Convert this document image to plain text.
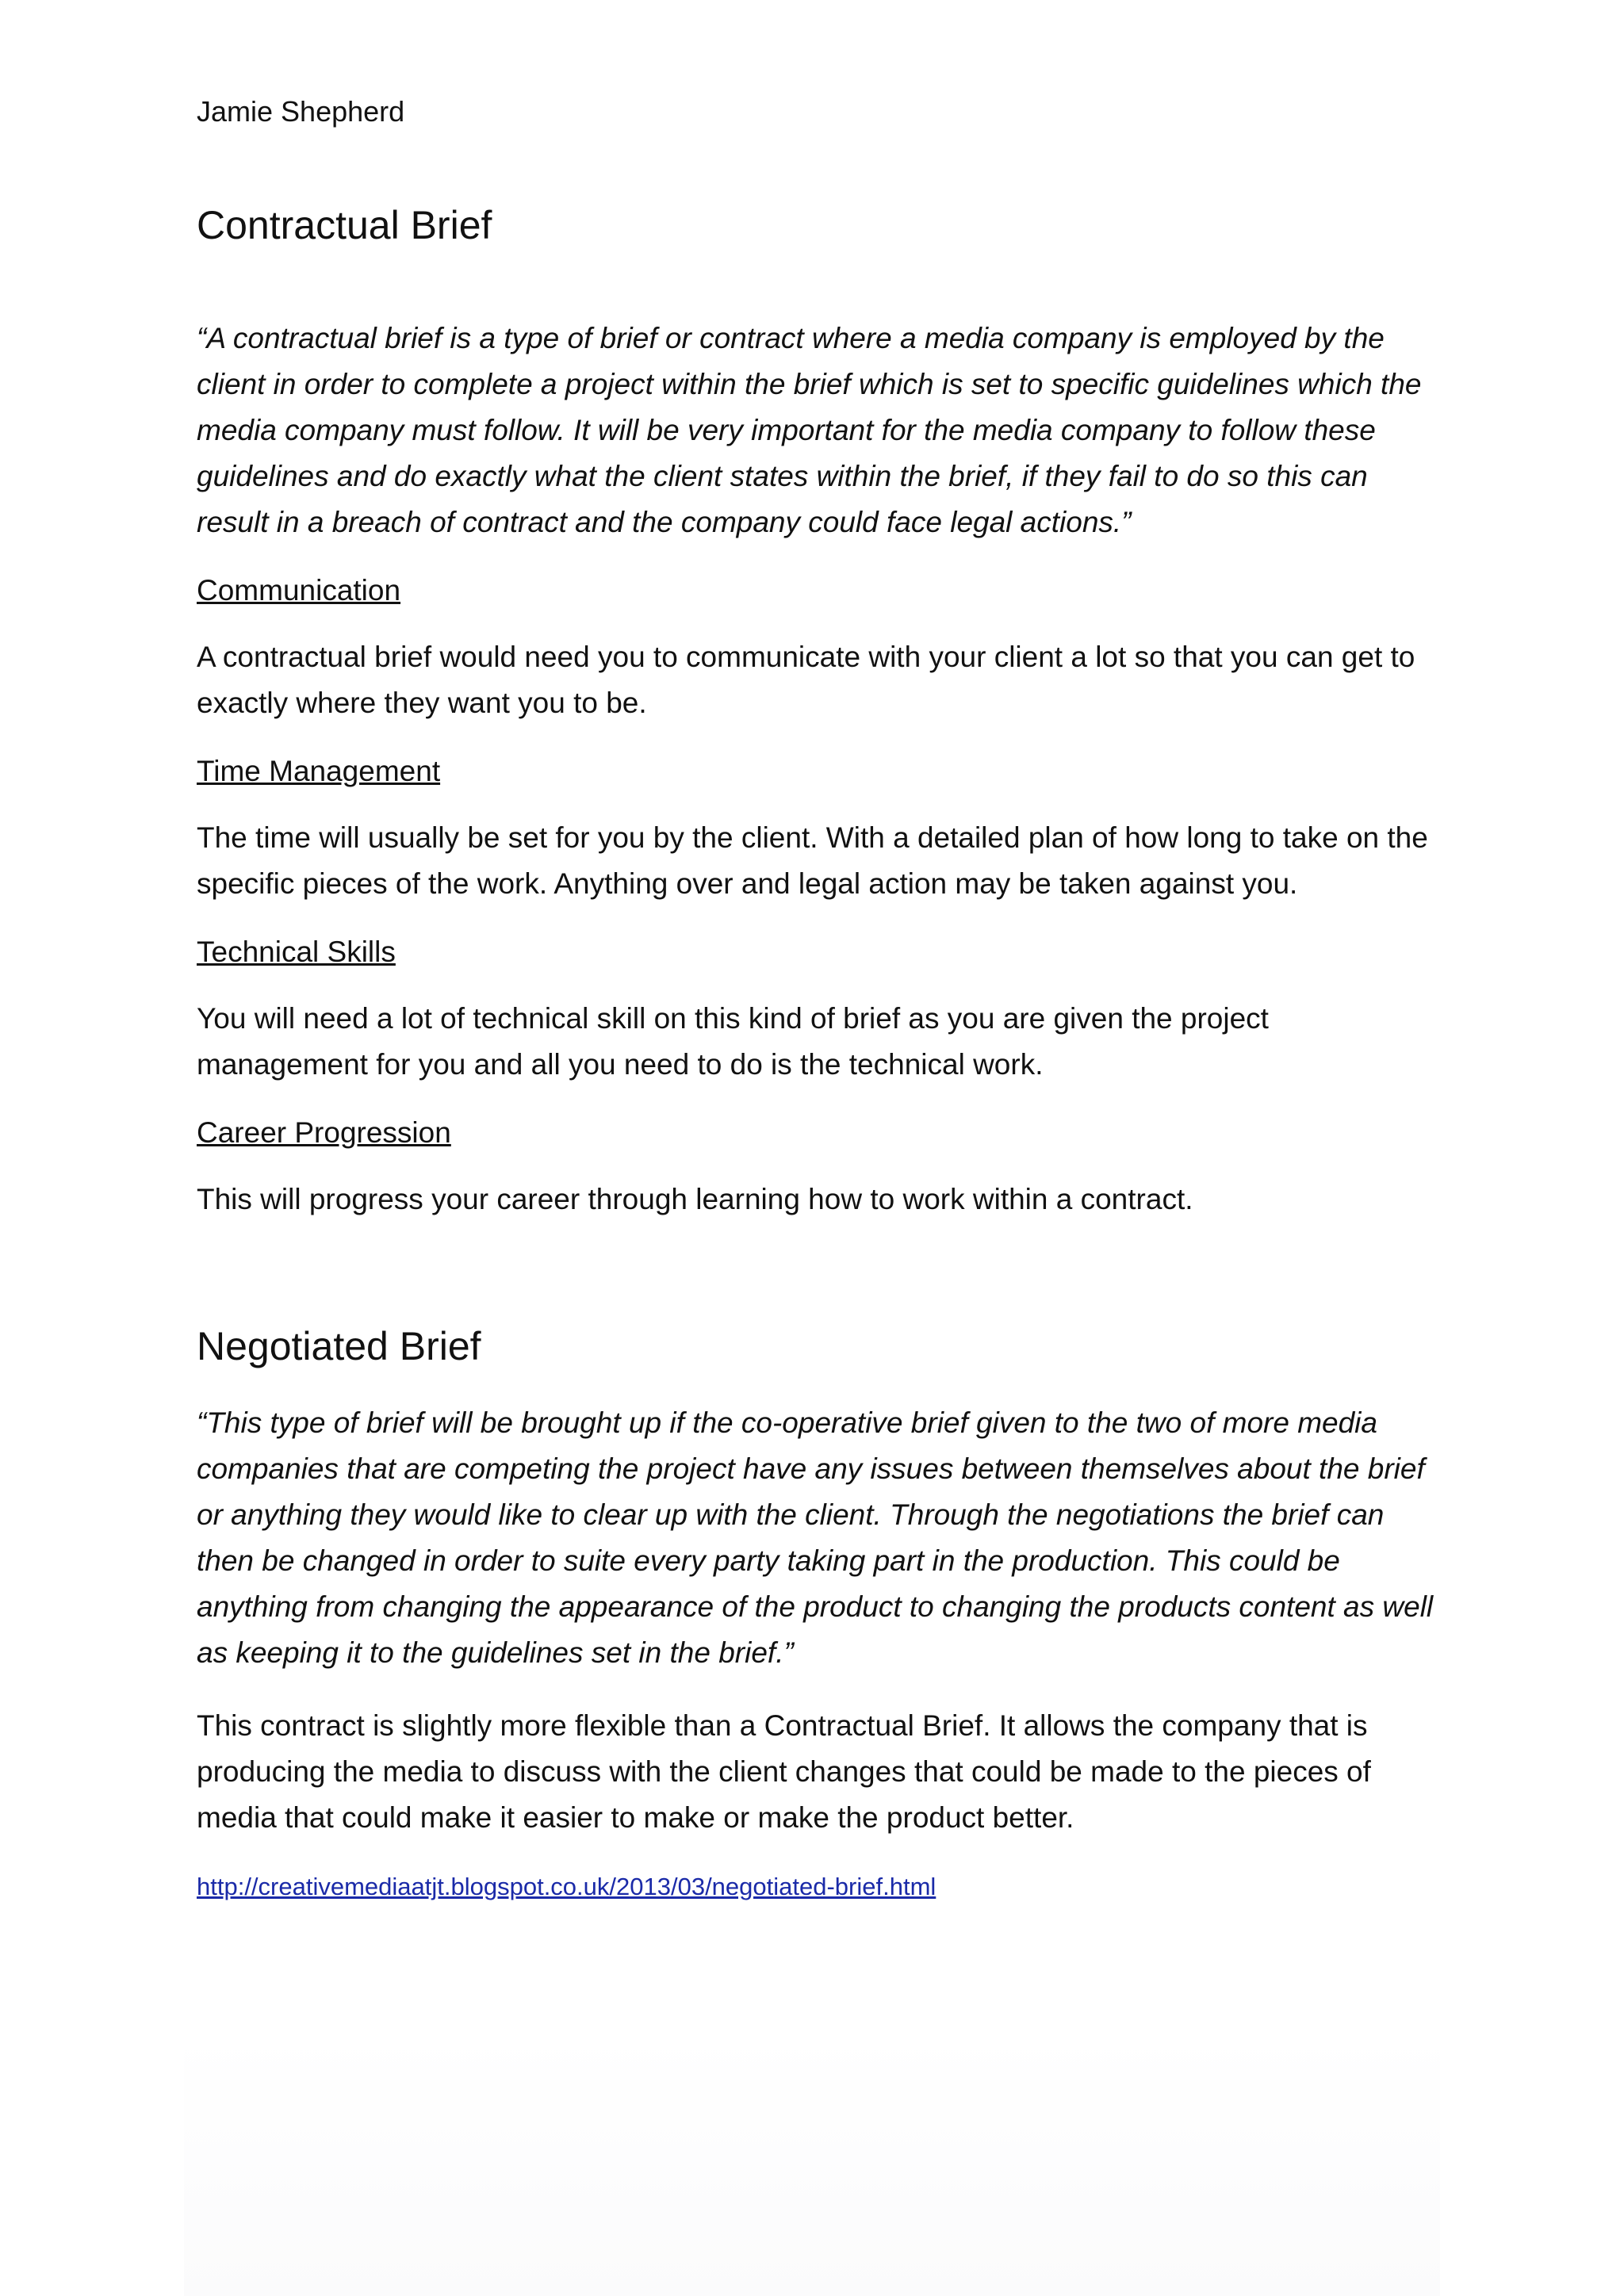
Jamie Shepherd

Contractual Brief

“A contractual brief is a type of brief or contract where a media company is employed by the client in order to complete a project within the brief which is set to specific guidelines which the media company must follow. It will be very important for the media company to follow these guidelines and do exactly what the client states within the brief, if they fail to do so this can result in a breach of contract and the company could face legal actions.”

Communication

A contractual brief would need you to communicate with your client a lot so that you can get to exactly where they want you to be.

Time Management

The time will usually be set for you by the client. With a detailed plan of how long to take on the specific pieces of the work. Anything over and legal action may be taken against you.

Technical Skills

You will need a lot of technical skill on this kind of brief as you are given the project management for you and all you need to do is the technical work.

Career Progression

This will progress your career through learning how to work within a contract.

Negotiated Brief

“This type of brief will be brought up if the co-operative brief given to the two of more media companies that are competing the project have any issues between themselves about the brief or anything they would like to clear up with the client. Through the negotiations the brief can then be changed in order to suite every party taking part in the production. This could be anything from changing the appearance of the product to changing the products content as well as keeping it to the guidelines set in the brief.”

This contract is slightly more flexible than a Contractual Brief. It allows the company that is producing the media to discuss with the client changes that could be made to the pieces of media that could make it easier to make or make the product better.

http://creativemediaatjt.blogspot.co.uk/2013/03/negotiated-brief.html
